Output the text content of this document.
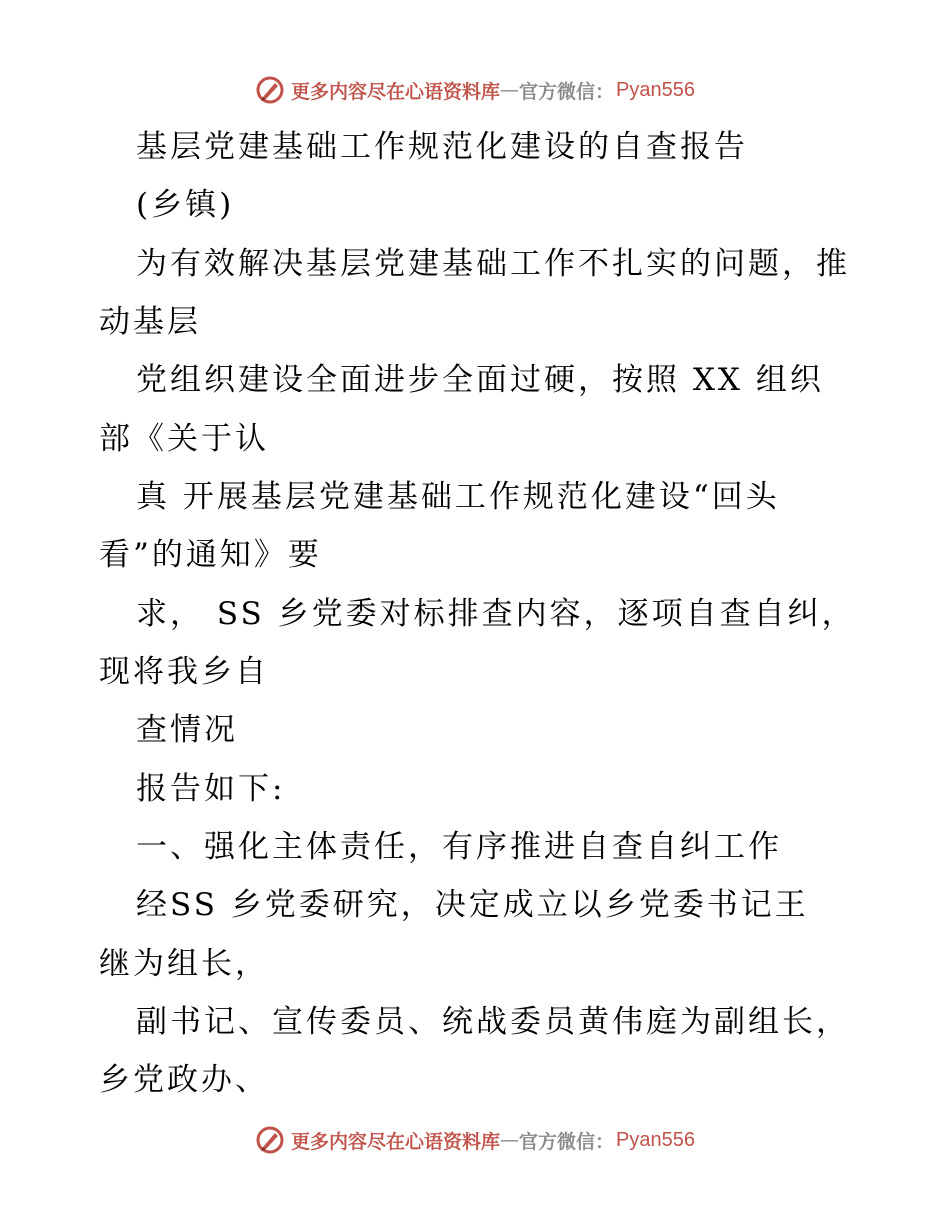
更多内容尽在心语资料库 — 官方微信： Pyan556
基层党建基础工作规范化建设的自查报告
(乡镇)
为有效解决基层党建基础工作不扎实的问题，推
动基层
党组织建设全面进步全面过硬，按照 XX 组织
部《关于认
真 开展基层党建基础工作规范化建设“回头
看”的通知》要
求， SS 乡党委对标排查内容，逐项自查自纠，
现将我乡自
查情况
报告如下:
一、强化主体责任，有序推进自查自纠工作
经SS 乡党委研究，决定成立以乡党委书记王
继为组长，
副书记、宣传委员、统战委员黄伟庭为副组长，
乡党政办、
更多内容尽在心语资料库 — 官方微信： Pyan556
